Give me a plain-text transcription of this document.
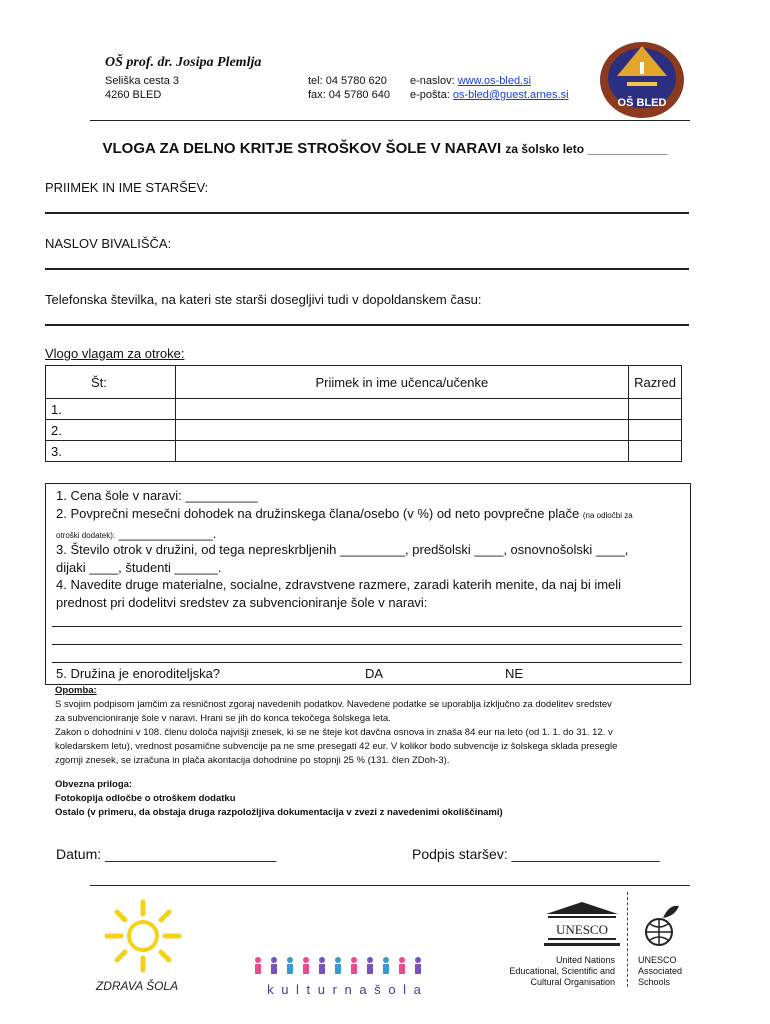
OŠ prof. dr. Josipa Plemlja
Seliška cesta 3
4260 BLED
tel: 04 5780 620
fax: 04 5780 640
e-naslov: www.os-bled.si
e-pošta: os-bled@guest.arnes.si
OŠ BLED
VLOGA ZA DELNO KRITJE STROŠKOV ŠOLE V NARAVI za šolsko leto ____________
PRIIMEK IN IME STARŠEV:
NASLOV BIVALIŠČA:
Telefonska številka, na kateri ste starši dosegljivi tudi v dopoldanskem času:
Vlogo vlagam za otroke:
Št:	Priimek in ime učenca/učenke	Razred
1.		
2.		
3.		
1. Cena šole v naravi: __________
2. Povprečni mesečni dohodek na družinskega člana/osebo (v %) od neto povprečne plače (na odločbi za
otroški dodatek): _____________.
3. Število otrok v družini, od tega nepreskrbljenih _________, predšolski ____, osnovnošolski ____,
dijaki ____, študenti ______.
4. Navedite druge materialne, socialne, zdravstvene razmere, zaradi katerih menite, da naj bi imeli
prednost pri dodelitvi sredstev za subvencioniranje šole v naravi:
5. Družina je enoroditeljska?	DA	NE
Opomba:
S svojim podpisom jamčim za resničnost zgoraj navedenih podatkov. Navedene podatke se uporablja izključno za dodelitev sredstev
za subvencioniranje šole v naravi. Hrani se jih do konca tekočega šolskega leta.
Zakon o dohodnini v 108. členu določa najvišji znesek, ki se ne šteje kot davčna osnova in znaša 84 eur na leto (od 1. 1. do 31. 12. v
koledarskem letu), vrednost posamične subvencije pa ne sme presegati 42 eur. V kolikor bodo subvencije iz šolskega sklada presegle
zgornji znesek, se izračuna in plača akontacija dohodnine po stopnji 25 % (131. člen ZDoh-3).
Obvezna priloga:
Fotokopija odločbe o otroškem dodatku
Ostalo (v primeru, da obstaja druga razpoložljiva dokumentacija v zvezi z navedenimi okoliščinami)
Datum: ______________________	Podpis staršev: ___________________
ZDRAVA ŠOLA	k u l t u r n a š o l a
UNESCO
United Nations
Educational, Scientific and
Cultural Organisation
UNESCO
Associated
Schools
